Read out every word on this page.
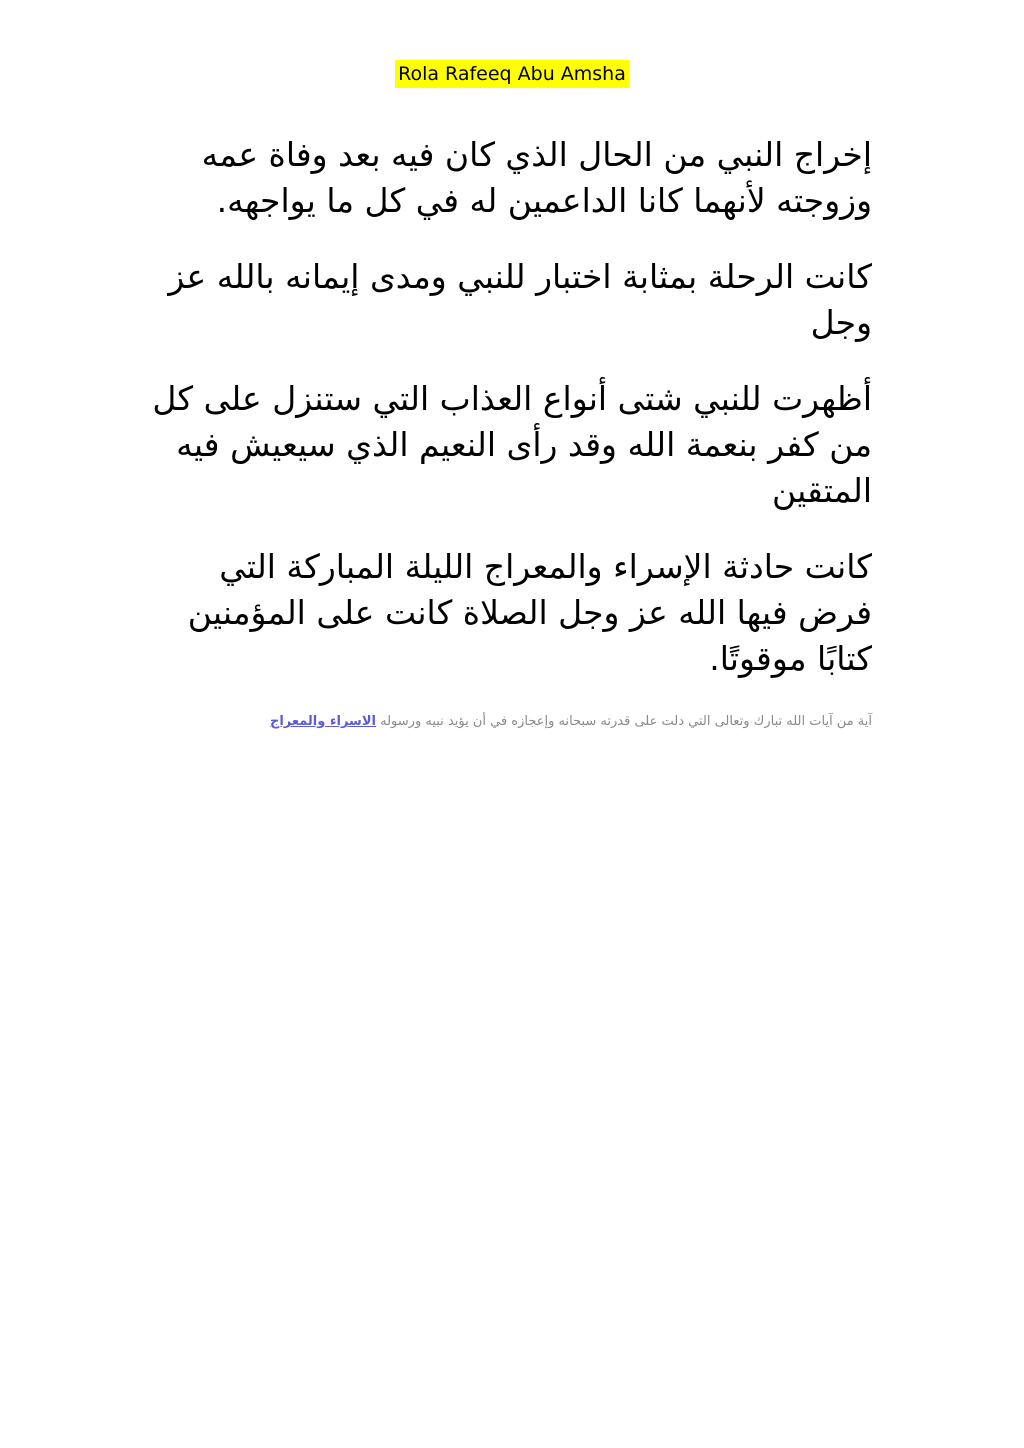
Rola Rafeeq Abu Amsha

إخراج النبي من الحال الذي كان فيه بعد وفاة عمه وزوجته لأنهما كانا الداعمين له في كل ما يواجهه.

كانت الرحلة بمثابة اختبار للنبي ومدى إيمانه بالله عز وجل

أظهرت للنبي شتى أنواع العذاب التي ستنزل على كل من كفر بنعمة الله وقد رأى النعيم الذي سيعيش فيه المتقين

كانت حادثة الإسراء والمعراج الليلة المباركة التي فرض فيها الله عز وجل الصلاة كانت على المؤمنين كتابًا موقوتًا.

آية من آيات الله تبارك وتعالى التي دلت على قدرته سبحانه وإعجازه في أن يؤيد نبيه ورسوله الاسراء والمعراج
